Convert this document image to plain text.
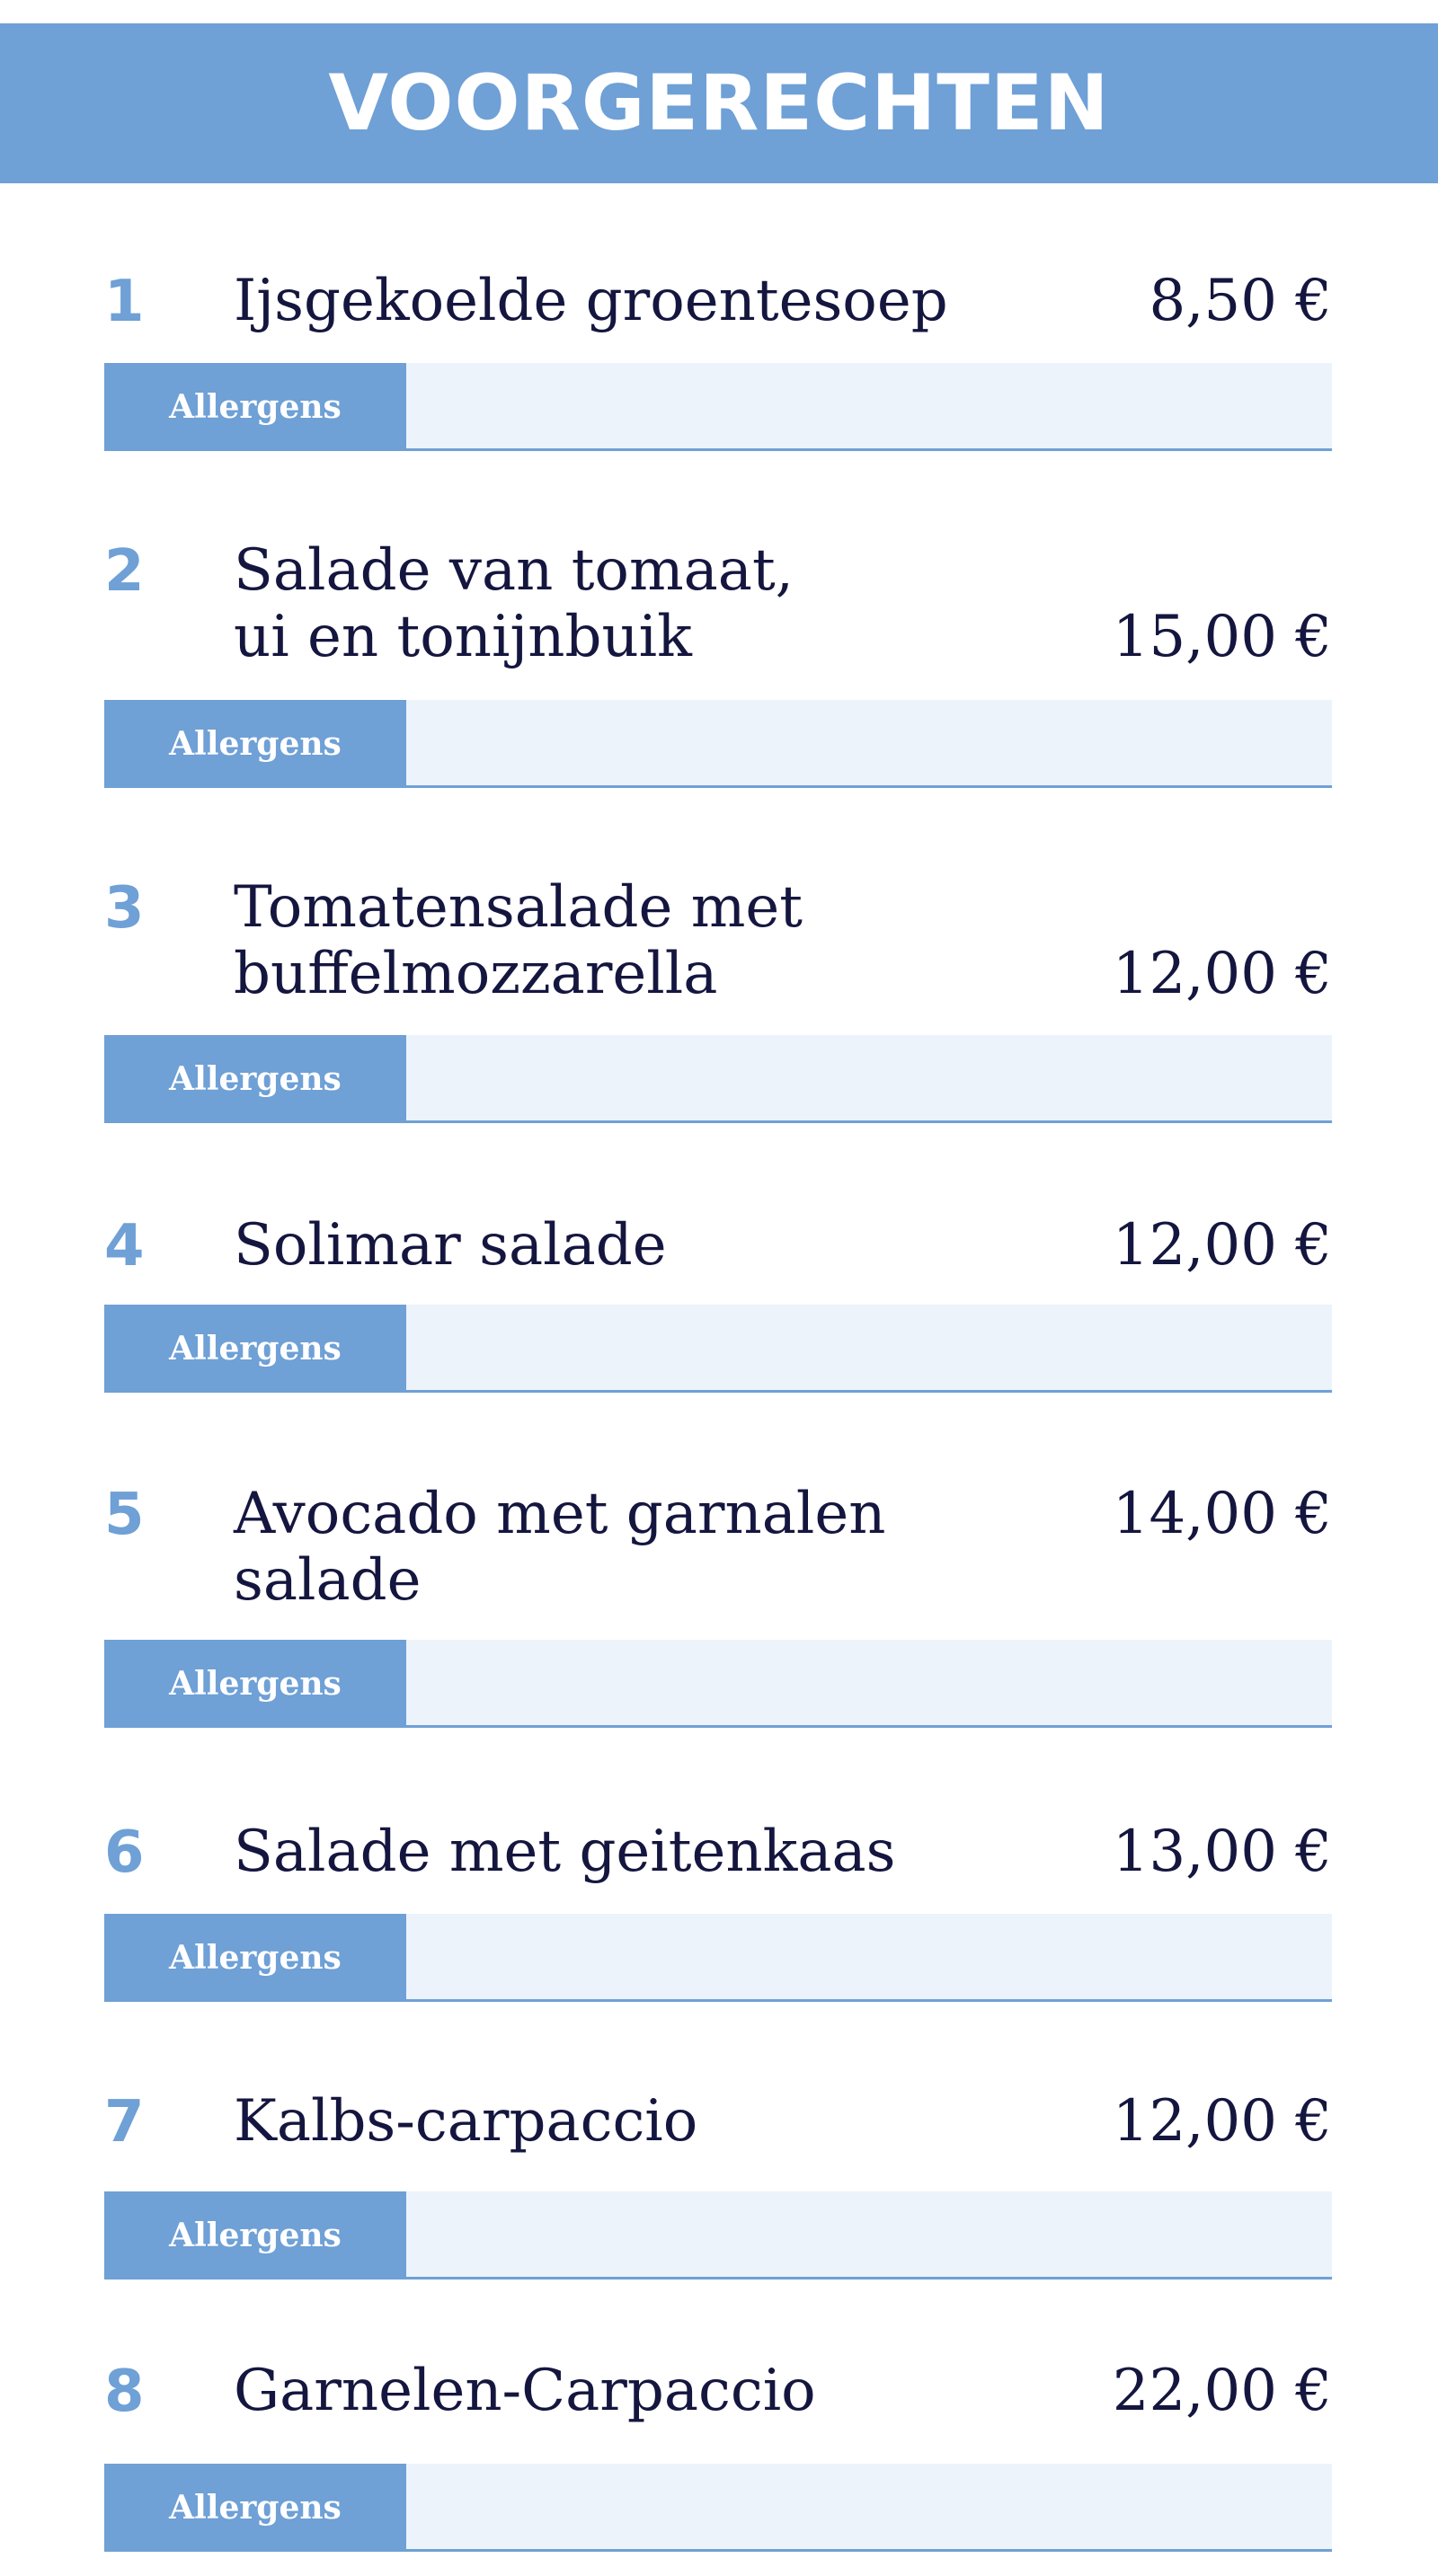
VOORGERECHTEN
1 Ijsgekoelde groentesoep	8,50 €
Allergens
2 Salade van tomaat,
ui en tonijnbuik	15,00 €
Allergens
3 Tomatensalade met
buffelmozzarella	12,00 €
Allergens
4 Solimar salade	12,00 €
Allergens
5 Avocado met garnalen
salade
14,00 €
Allergens
6 Salade met geitenkaas	13,00 €
Allergens
7 Kalbs-carpaccio	12,00 €
Allergens
8 Garnelen-Carpaccio	22,00 €
Allergens
